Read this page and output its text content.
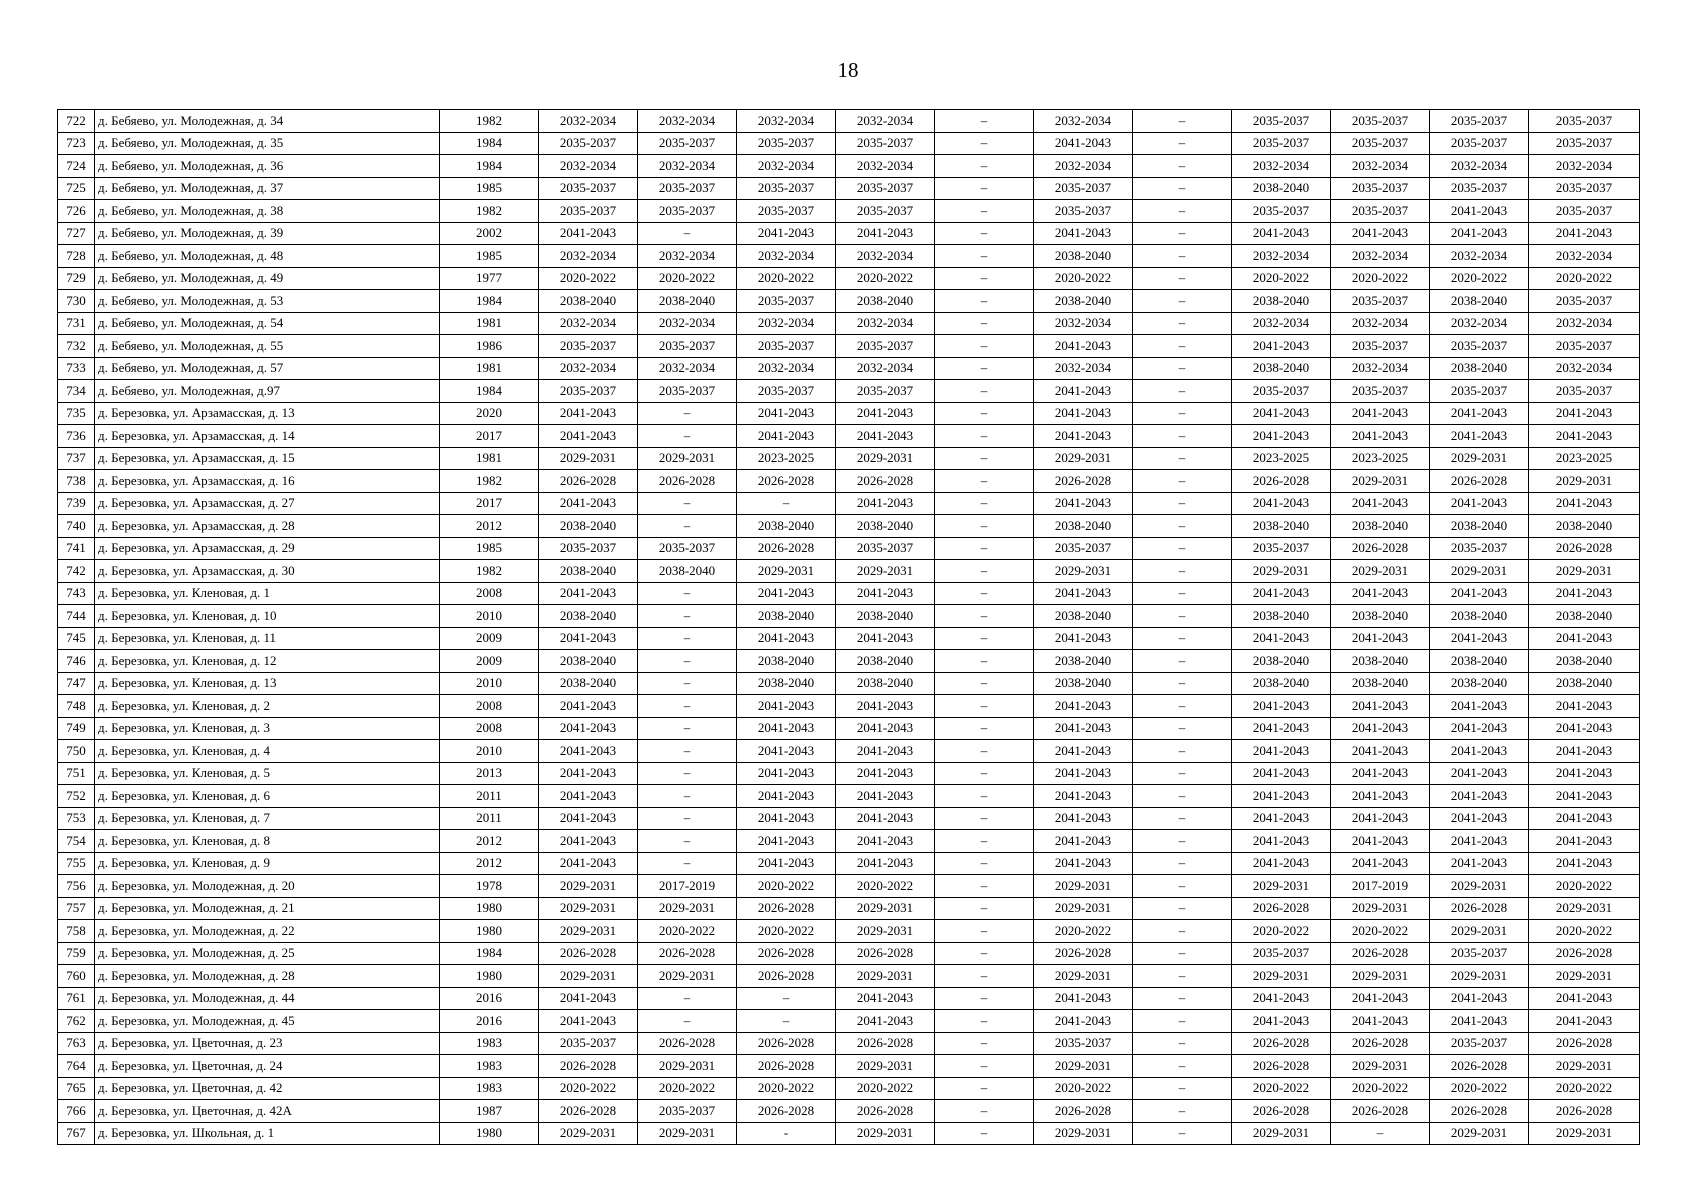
18
722	д. Бебяево, ул. Молодежная, д. 34	1982	2032-2034	2032-2034	2032-2034	2032-2034	–	2032-2034	–	2035-2037	2035-2037	2035-2037	2035-2037
723	д. Бебяево, ул. Молодежная, д. 35	1984	2035-2037	2035-2037	2035-2037	2035-2037	–	2041-2043	–	2035-2037	2035-2037	2035-2037	2035-2037
724	д. Бебяево, ул. Молодежная, д. 36	1984	2032-2034	2032-2034	2032-2034	2032-2034	–	2032-2034	–	2032-2034	2032-2034	2032-2034	2032-2034
725	д. Бебяево, ул. Молодежная, д. 37	1985	2035-2037	2035-2037	2035-2037	2035-2037	–	2035-2037	–	2038-2040	2035-2037	2035-2037	2035-2037
726	д. Бебяево, ул. Молодежная, д. 38	1982	2035-2037	2035-2037	2035-2037	2035-2037	–	2035-2037	–	2035-2037	2035-2037	2041-2043	2035-2037
727	д. Бебяево, ул. Молодежная, д. 39	2002	2041-2043	–	2041-2043	2041-2043	–	2041-2043	–	2041-2043	2041-2043	2041-2043	2041-2043
728	д. Бебяево, ул. Молодежная, д. 48	1985	2032-2034	2032-2034	2032-2034	2032-2034	–	2038-2040	–	2032-2034	2032-2034	2032-2034	2032-2034
729	д. Бебяево, ул. Молодежная, д. 49	1977	2020-2022	2020-2022	2020-2022	2020-2022	–	2020-2022	–	2020-2022	2020-2022	2020-2022	2020-2022
730	д. Бебяево, ул. Молодежная, д. 53	1984	2038-2040	2038-2040	2035-2037	2038-2040	–	2038-2040	–	2038-2040	2035-2037	2038-2040	2035-2037
731	д. Бебяево, ул. Молодежная, д. 54	1981	2032-2034	2032-2034	2032-2034	2032-2034	–	2032-2034	–	2032-2034	2032-2034	2032-2034	2032-2034
732	д. Бебяево, ул. Молодежная, д. 55	1986	2035-2037	2035-2037	2035-2037	2035-2037	–	2041-2043	–	2041-2043	2035-2037	2035-2037	2035-2037
733	д. Бебяево, ул. Молодежная, д. 57	1981	2032-2034	2032-2034	2032-2034	2032-2034	–	2032-2034	–	2038-2040	2032-2034	2038-2040	2032-2034
734	д. Бебяево, ул. Молодежная, д.97	1984	2035-2037	2035-2037	2035-2037	2035-2037	–	2041-2043	–	2035-2037	2035-2037	2035-2037	2035-2037
735	д. Березовка, ул. Арзамасская, д. 13	2020	2041-2043	–	2041-2043	2041-2043	–	2041-2043	–	2041-2043	2041-2043	2041-2043	2041-2043
736	д. Березовка, ул. Арзамасская, д. 14	2017	2041-2043	–	2041-2043	2041-2043	–	2041-2043	–	2041-2043	2041-2043	2041-2043	2041-2043
737	д. Березовка, ул. Арзамасская, д. 15	1981	2029-2031	2029-2031	2023-2025	2029-2031	–	2029-2031	–	2023-2025	2023-2025	2029-2031	2023-2025
738	д. Березовка, ул. Арзамасская, д. 16	1982	2026-2028	2026-2028	2026-2028	2026-2028	–	2026-2028	–	2026-2028	2029-2031	2026-2028	2029-2031
739	д. Березовка, ул. Арзамасская, д. 27	2017	2041-2043	–	–	2041-2043	–	2041-2043	–	2041-2043	2041-2043	2041-2043	2041-2043
740	д. Березовка, ул. Арзамасская, д. 28	2012	2038-2040	–	2038-2040	2038-2040	–	2038-2040	–	2038-2040	2038-2040	2038-2040	2038-2040
741	д. Березовка, ул. Арзамасская, д. 29	1985	2035-2037	2035-2037	2026-2028	2035-2037	–	2035-2037	–	2035-2037	2026-2028	2035-2037	2026-2028
742	д. Березовка, ул. Арзамасская, д. 30	1982	2038-2040	2038-2040	2029-2031	2029-2031	–	2029-2031	–	2029-2031	2029-2031	2029-2031	2029-2031
743	д. Березовка, ул. Кленовая, д. 1	2008	2041-2043	–	2041-2043	2041-2043	–	2041-2043	–	2041-2043	2041-2043	2041-2043	2041-2043
744	д. Березовка, ул. Кленовая, д. 10	2010	2038-2040	–	2038-2040	2038-2040	–	2038-2040	–	2038-2040	2038-2040	2038-2040	2038-2040
745	д. Березовка, ул. Кленовая, д. 11	2009	2041-2043	–	2041-2043	2041-2043	–	2041-2043	–	2041-2043	2041-2043	2041-2043	2041-2043
746	д. Березовка, ул. Кленовая, д. 12	2009	2038-2040	–	2038-2040	2038-2040	–	2038-2040	–	2038-2040	2038-2040	2038-2040	2038-2040
747	д. Березовка, ул. Кленовая, д. 13	2010	2038-2040	–	2038-2040	2038-2040	–	2038-2040	–	2038-2040	2038-2040	2038-2040	2038-2040
748	д. Березовка, ул. Кленовая, д. 2	2008	2041-2043	–	2041-2043	2041-2043	–	2041-2043	–	2041-2043	2041-2043	2041-2043	2041-2043
749	д. Березовка, ул. Кленовая, д. 3	2008	2041-2043	–	2041-2043	2041-2043	–	2041-2043	–	2041-2043	2041-2043	2041-2043	2041-2043
750	д. Березовка, ул. Кленовая, д. 4	2010	2041-2043	–	2041-2043	2041-2043	–	2041-2043	–	2041-2043	2041-2043	2041-2043	2041-2043
751	д. Березовка, ул. Кленовая, д. 5	2013	2041-2043	–	2041-2043	2041-2043	–	2041-2043	–	2041-2043	2041-2043	2041-2043	2041-2043
752	д. Березовка, ул. Кленовая, д. 6	2011	2041-2043	–	2041-2043	2041-2043	–	2041-2043	–	2041-2043	2041-2043	2041-2043	2041-2043
753	д. Березовка, ул. Кленовая, д. 7	2011	2041-2043	–	2041-2043	2041-2043	–	2041-2043	–	2041-2043	2041-2043	2041-2043	2041-2043
754	д. Березовка, ул. Кленовая, д. 8	2012	2041-2043	–	2041-2043	2041-2043	–	2041-2043	–	2041-2043	2041-2043	2041-2043	2041-2043
755	д. Березовка, ул. Кленовая, д. 9	2012	2041-2043	–	2041-2043	2041-2043	–	2041-2043	–	2041-2043	2041-2043	2041-2043	2041-2043
756	д. Березовка, ул. Молодежная, д. 20	1978	2029-2031	2017-2019	2020-2022	2020-2022	–	2029-2031	–	2029-2031	2017-2019	2029-2031	2020-2022
757	д. Березовка, ул. Молодежная, д. 21	1980	2029-2031	2029-2031	2026-2028	2029-2031	–	2029-2031	–	2026-2028	2029-2031	2026-2028	2029-2031
758	д. Березовка, ул. Молодежная, д. 22	1980	2029-2031	2020-2022	2020-2022	2029-2031	–	2020-2022	–	2020-2022	2020-2022	2029-2031	2020-2022
759	д. Березовка, ул. Молодежная, д. 25	1984	2026-2028	2026-2028	2026-2028	2026-2028	–	2026-2028	–	2035-2037	2026-2028	2035-2037	2026-2028
760	д. Березовка, ул. Молодежная, д. 28	1980	2029-2031	2029-2031	2026-2028	2029-2031	–	2029-2031	–	2029-2031	2029-2031	2029-2031	2029-2031
761	д. Березовка, ул. Молодежная, д. 44	2016	2041-2043	–	–	2041-2043	–	2041-2043	–	2041-2043	2041-2043	2041-2043	2041-2043
762	д. Березовка, ул. Молодежная, д. 45	2016	2041-2043	–	–	2041-2043	–	2041-2043	–	2041-2043	2041-2043	2041-2043	2041-2043
763	д. Березовка, ул. Цветочная, д. 23	1983	2035-2037	2026-2028	2026-2028	2026-2028	–	2035-2037	–	2026-2028	2026-2028	2035-2037	2026-2028
764	д. Березовка, ул. Цветочная, д. 24	1983	2026-2028	2029-2031	2026-2028	2029-2031	–	2029-2031	–	2026-2028	2029-2031	2026-2028	2029-2031
765	д. Березовка, ул. Цветочная, д. 42	1983	2020-2022	2020-2022	2020-2022	2020-2022	–	2020-2022	–	2020-2022	2020-2022	2020-2022	2020-2022
766	д. Березовка, ул. Цветочная, д. 42А	1987	2026-2028	2035-2037	2026-2028	2026-2028	–	2026-2028	–	2026-2028	2026-2028	2026-2028	2026-2028
767	д. Березовка, ул. Школьная, д. 1	1980	2029-2031	2029-2031	-	2029-2031	–	2029-2031	–	2029-2031	–	2029-2031	2029-2031
